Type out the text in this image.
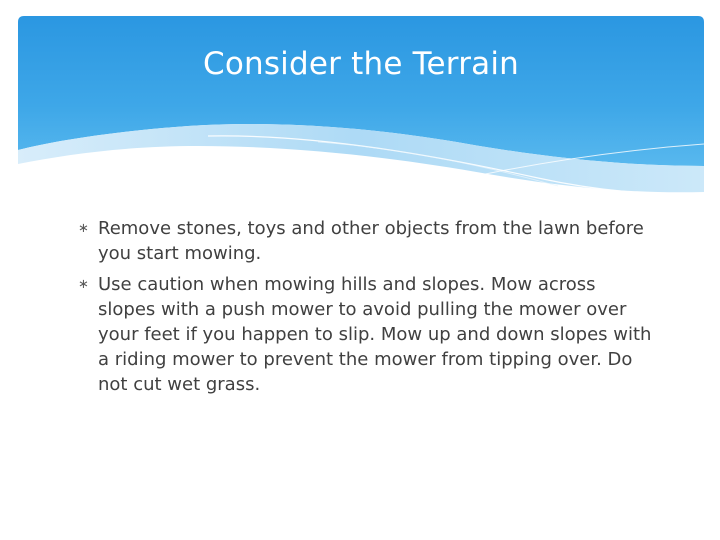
Consider the Terrain
∗ Remove stones, toys and other objects from the lawn before you start mowing.
∗ Use caution when mowing hills and slopes. Mow across slopes with a push mower to avoid pulling the mower over your feet if you happen to slip. Mow up and down slopes with a riding mower to prevent the mower from tipping over. Do not cut wet grass.
